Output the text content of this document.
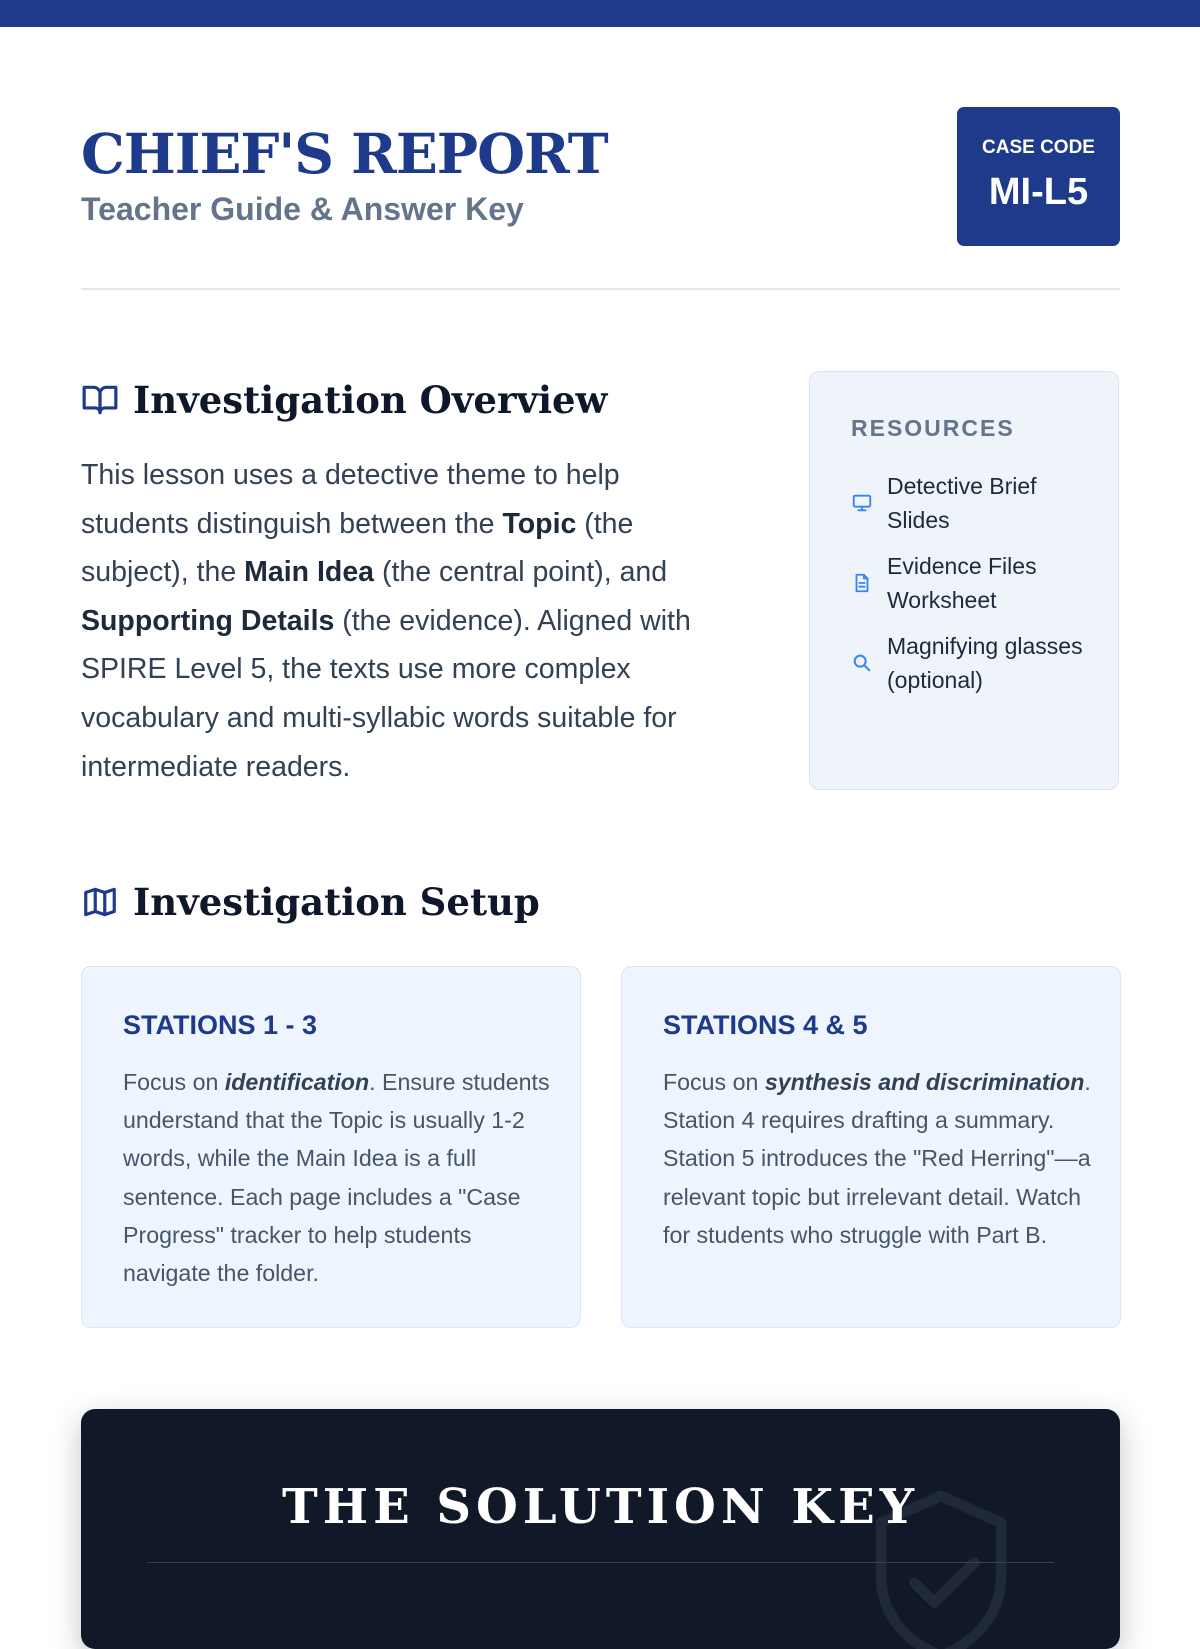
CHIEF'S REPORT
Teacher Guide & Answer Key
CASE CODE
MI-L5
Investigation Overview

This lesson uses a detective theme to help students distinguish between the Topic (the subject), the Main Idea (the central point), and Supporting Details (the evidence). Aligned with SPIRE Level 5, the texts use more complex vocabulary and multi-syllabic words suitable for intermediate readers.

RESOURCES
Detective Brief Slides
Evidence Files Worksheet
Magnifying glasses (optional)
Investigation Setup
STATIONS 1 - 3

Focus on identification. Ensure students understand that the Topic is usually 1-2 words, while the Main Idea is a full sentence. Each page includes a "Case Progress" tracker to help students navigate the folder.

STATIONS 4 & 5

Focus on synthesis and discrimination. Station 4 requires drafting a summary. Station 5 introduces the "Red Herring"—a relevant topic but irrelevant detail. Watch for students who struggle with Part B.

THE SOLUTION KEY
